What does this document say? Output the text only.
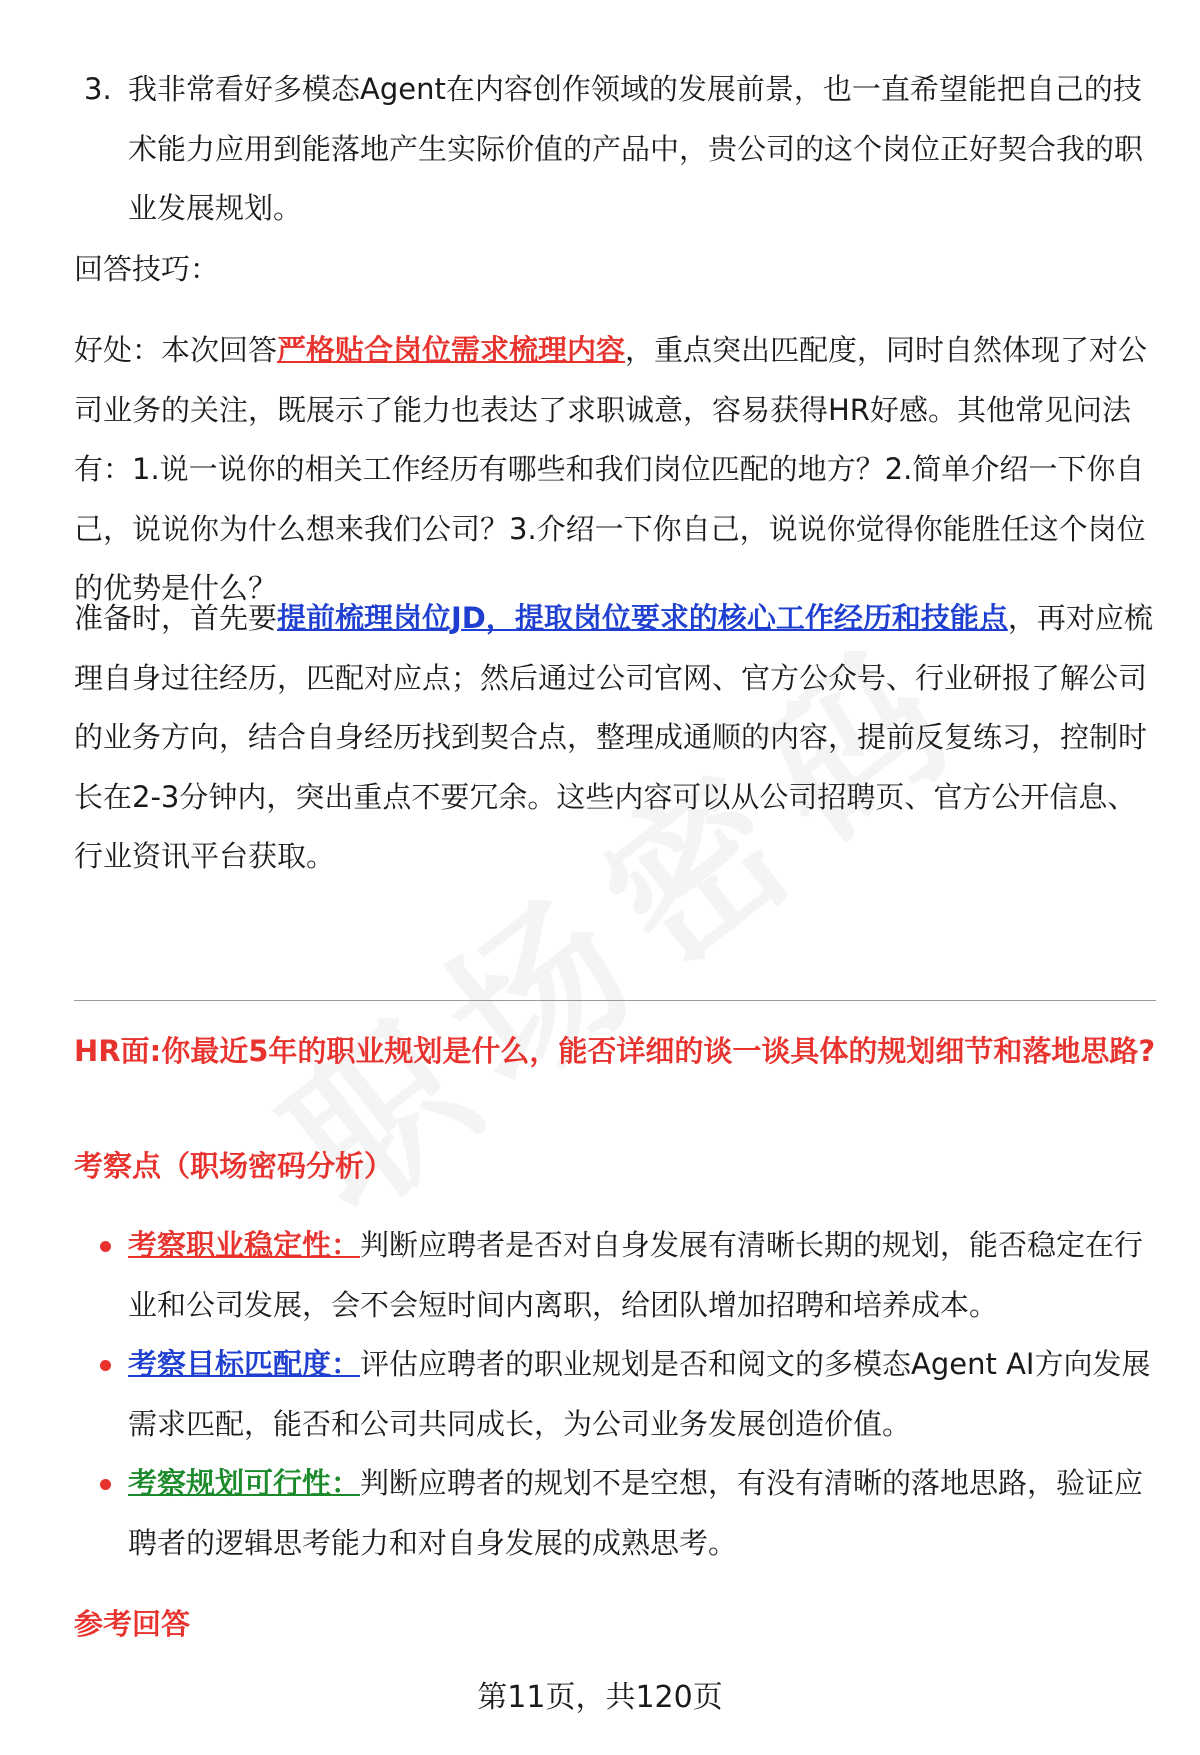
3. 我非常看好多模态Agent在内容创作领域的发展前景，也一直希望能把自己的技术能力应用到能落地产生实际价值的产品中，贵公司的这个岗位正好契合我的职业发展规划。

回答技巧：

好处：本次回答严格贴合岗位需求梳理内容，重点突出匹配度，同时自然体现了对公司业务的关注，既展示了能力也表达了求职诚意，容易获得HR好感。其他常见问法有：1.说一说你的相关工作经历有哪些和我们岗位匹配的地方？2.简单介绍一下你自己，说说你为什么想来我们公司？3.介绍一下你自己，说说你觉得你能胜任这个岗位的优势是什么？

准备时，首先要提前梳理岗位JD，提取岗位要求的核心工作经历和技能点，再对应梳理自身过往经历，匹配对应点；然后通过公司官网、官方公众号、行业研报了解公司的业务方向，结合自身经历找到契合点，整理成通顺的内容，提前反复练习，控制时长在2-3分钟内，突出重点不要冗余。这些内容可以从公司招聘页、官方公开信息、行业资讯平台获取。

HR面:你最近5年的职业规划是什么，能否详细的谈一谈具体的规划细节和落地思路?
考察点（职场密码分析）
考察职业稳定性：判断应聘者是否对自身发展有清晰长期的规划，能否稳定在行业和公司发展，会不会短时间内离职，给团队增加招聘和培养成本。
考察目标匹配度：评估应聘者的职业规划是否和阅文的多模态Agent AI方向发展需求匹配，能否和公司共同成长，为公司业务发展创造价值。
考察规划可行性：判断应聘者的规划不是空想，有没有清晰的落地思路，验证应聘者的逻辑思考能力和对自身发展的成熟思考。
参考回答
第11页，共120页
